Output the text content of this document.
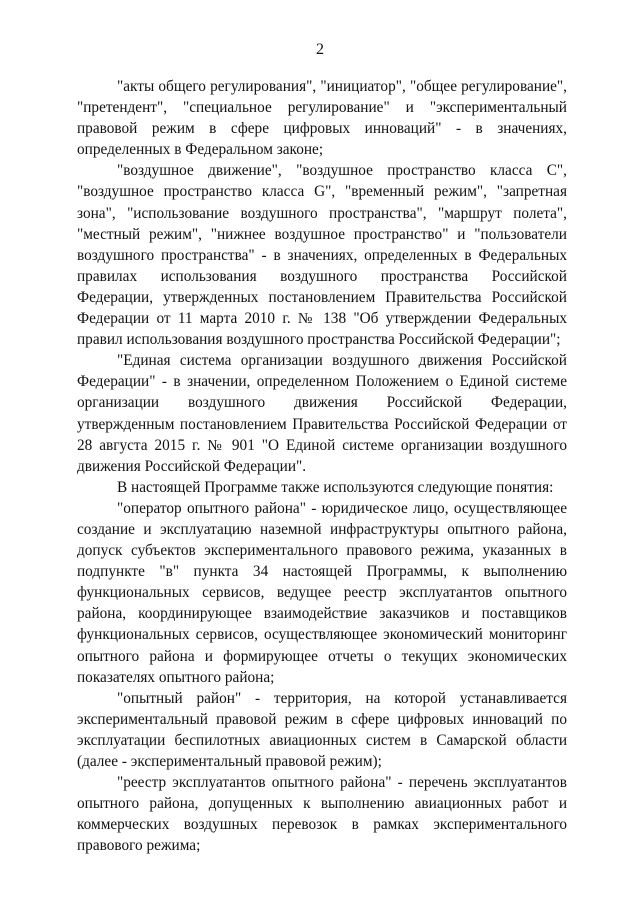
2

"акты общего регулирования", "инициатор", "общее регулирование", "претендент", "специальное регулирование" и "экспериментальный правовой режим в сфере цифровых инноваций" - в значениях, определенных в Федеральном законе;

"воздушное движение", "воздушное пространство класса C", "воздушное пространство класса G", "временный режим", "запретная зона", "использование воздушного пространства", "маршрут полета", "местный режим", "нижнее воздушное пространство" и "пользователи воздушного пространства" - в значениях, определенных в Федеральных правилах использования воздушного пространства Российской Федерации, утвержденных постановлением Правительства Российской Федерации от 11 марта 2010 г. № 138 "Об утверждении Федеральных правил использования воздушного пространства Российской Федерации";

"Единая система организации воздушного движения Российской Федерации" - в значении, определенном Положением о Единой системе организации воздушного движения Российской Федерации, утвержденным постановлением Правительства Российской Федерации от 28 августа 2015 г. № 901 "О Единой системе организации воздушного движения Российской Федерации".

В настоящей Программе также используются следующие понятия:

"оператор опытного района" - юридическое лицо, осуществляющее создание и эксплуатацию наземной инфраструктуры опытного района, допуск субъектов экспериментального правового режима, указанных в подпункте "в" пункта 34 настоящей Программы, к выполнению функциональных сервисов, ведущее реестр эксплуатантов опытного района, координирующее взаимодействие заказчиков и поставщиков функциональных сервисов, осуществляющее экономический мониторинг опытного района и формирующее отчеты о текущих экономических показателях опытного района;

"опытный район" - территория, на которой устанавливается экспериментальный правовой режим в сфере цифровых инноваций по эксплуатации беспилотных авиационных систем в Самарской области (далее - экспериментальный правовой режим);

"реестр эксплуатантов опытного района" - перечень эксплуатантов опытного района, допущенных к выполнению авиационных работ и коммерческих воздушных перевозок в рамках экспериментального правового режима;
